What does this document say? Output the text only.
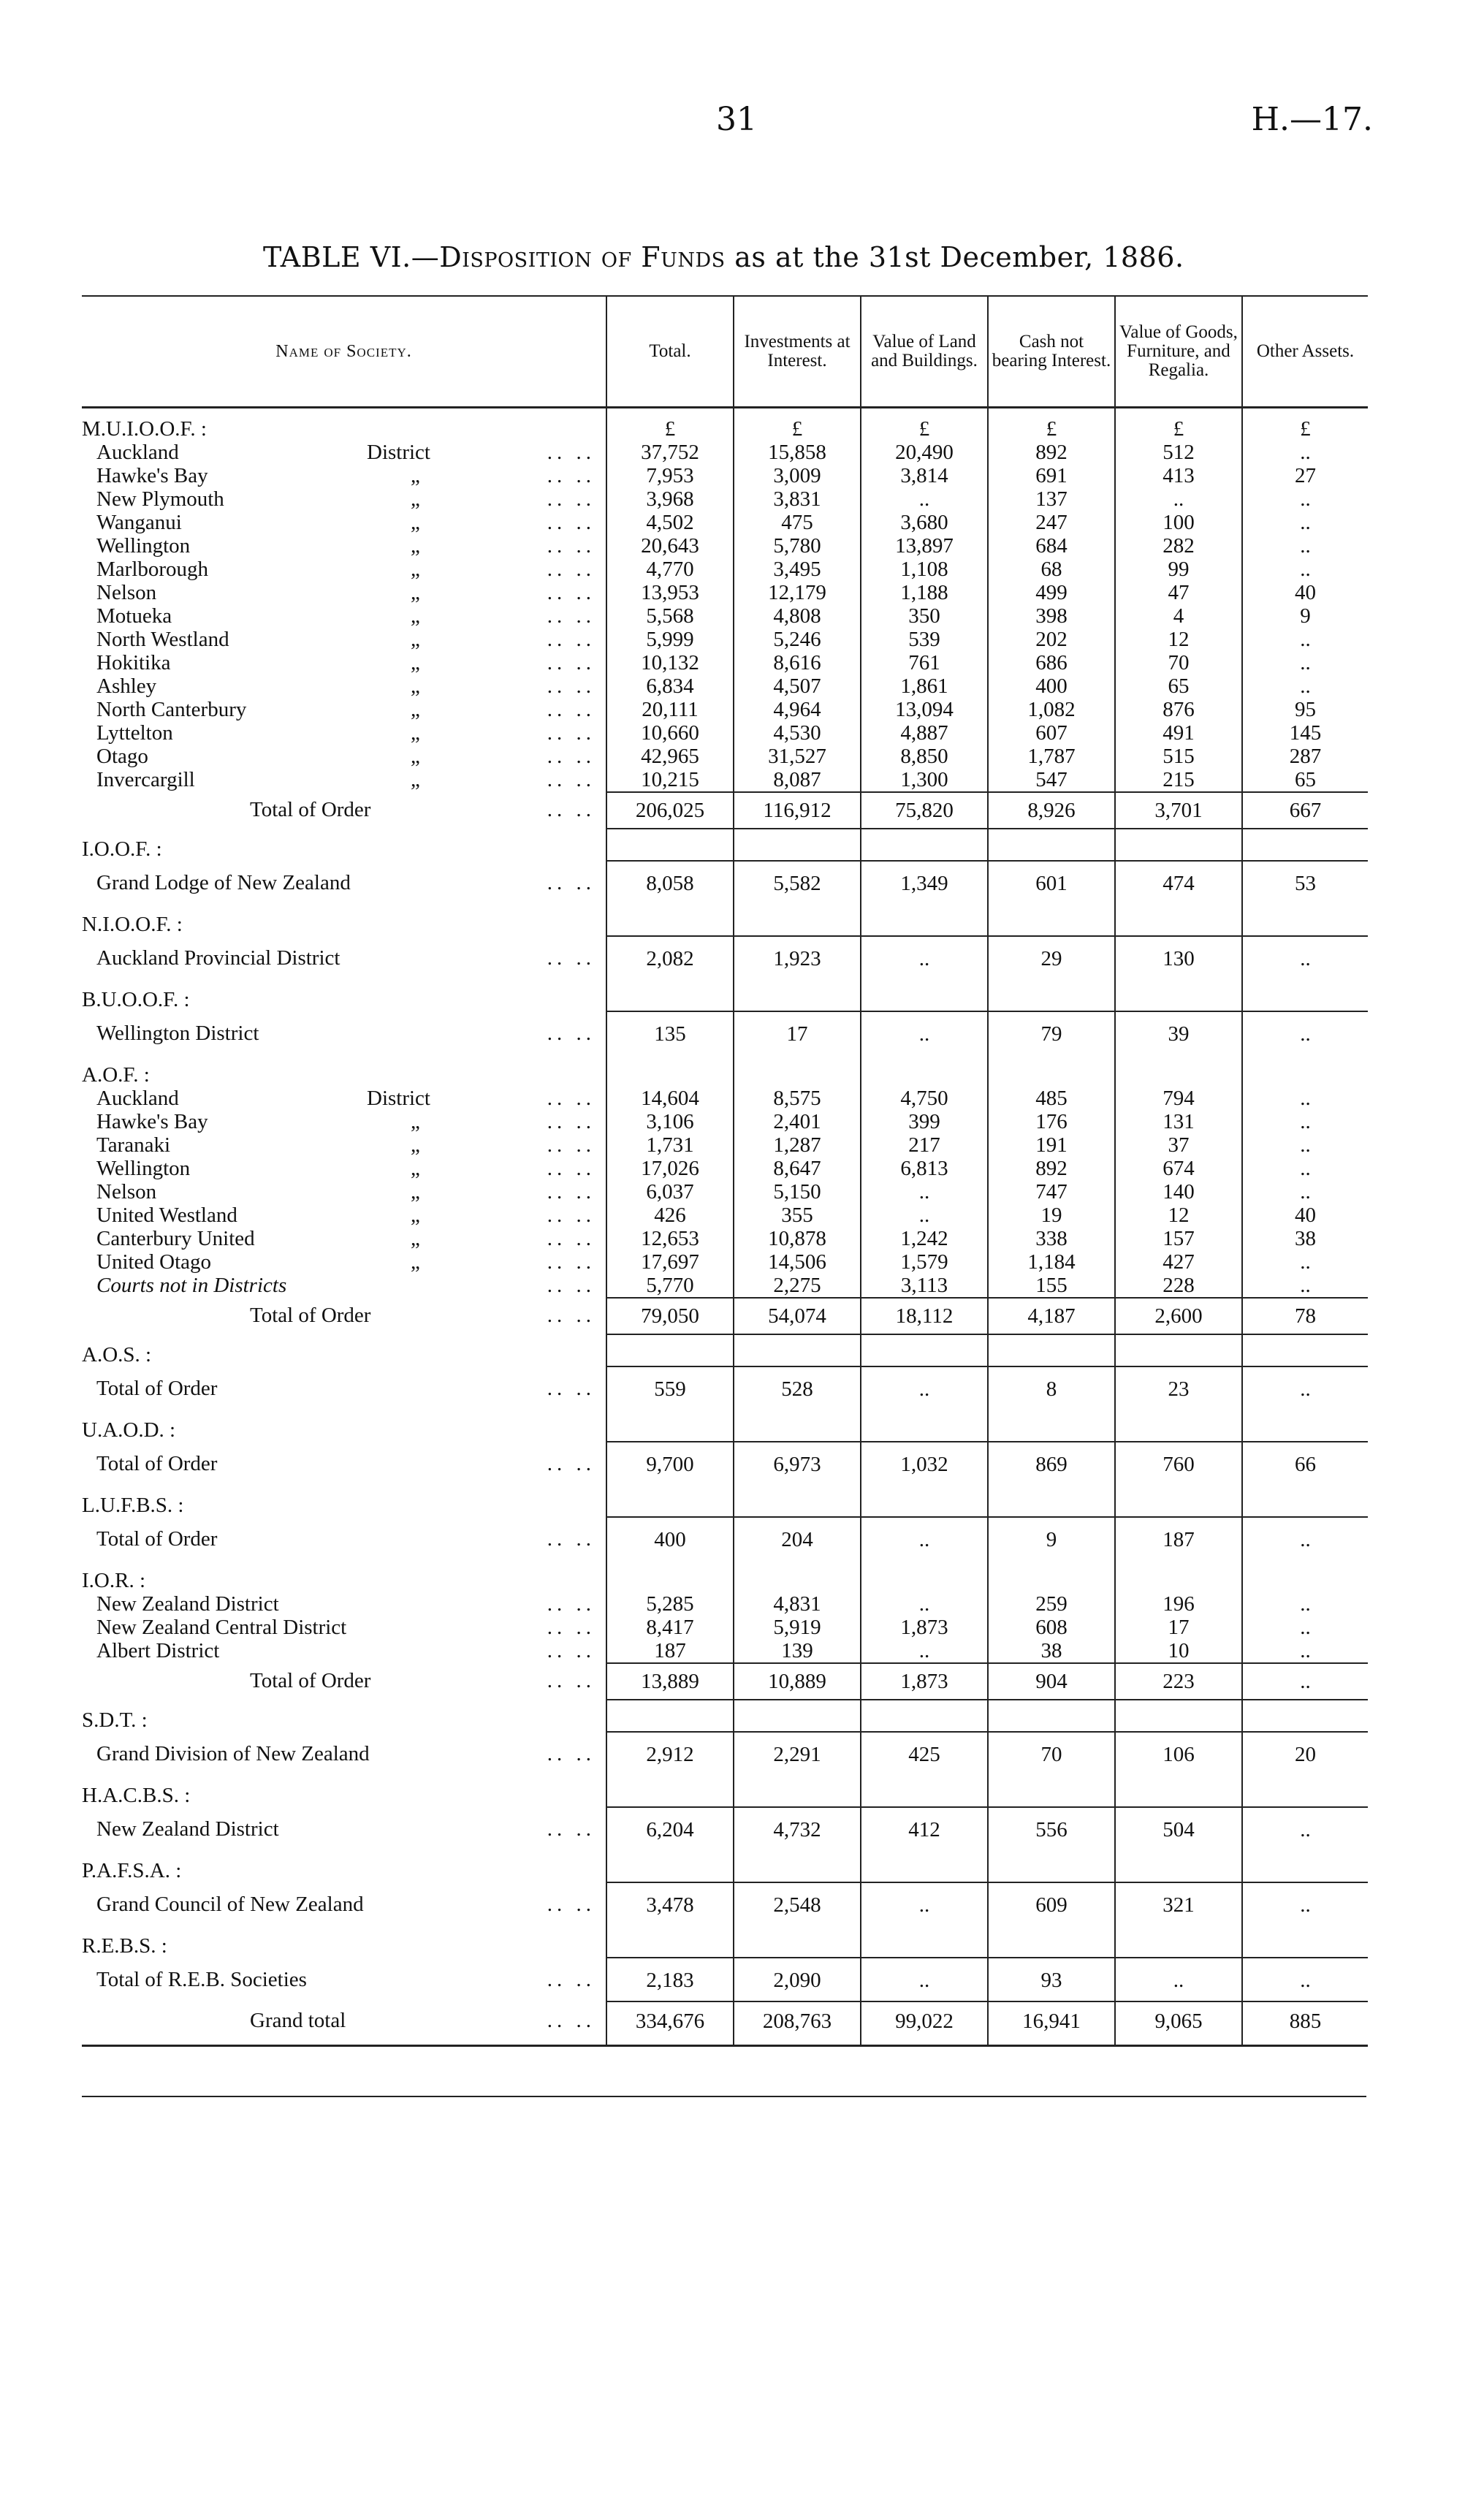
31	H.—17.
TABLE VI.—Disposition of Funds as at the 31st December, 1886.
Name of Society.	Total.	Investments at Interest.	Value of Land and Buildings.	Cash not bearing Interest.	Value of Goods, Furniture, and Regalia.	Other Assets.
M.U.I.O.O.F. :	£	£	£	£	£	£

Auckland District .. ..	37,752	15,858	20,490	892	512	..

Hawke's Bay „ .. ..	7,953	3,009	3,814	691	413	27

New Plymouth „ .. ..	3,968	3,831	..	137	..	..

Wanganui „ .. ..	4,502	475	3,680	247	100	..

Wellington „ .. ..	20,643	5,780	13,897	684	282	..

Marlborough „ .. ..	4,770	3,495	1,108	68	99	..

Nelson „ .. ..	13,953	12,179	1,188	499	47	40

Motueka „ .. ..	5,568	4,808	350	398	4	9

North Westland „ .. ..	5,999	5,246	539	202	12	..

Hokitika „ .. ..	10,132	8,616	761	686	70	..

Ashley „ .. ..	6,834	4,507	1,861	400	65	..

North Canterbury „ .. ..	20,111	4,964	13,094	1,082	876	95

Lyttelton „ .. ..	10,660	4,530	4,887	607	491	145

Otago „ .. ..	42,965	31,527	8,850	1,787	515	287

Invercargill „ .. ..	10,215	8,087	1,300	547	215	65

Total of Order .. ..	206,025	116,912	75,820	8,926	3,701	667
I.O.O.F. :						

Grand Lodge of New Zealand .. ..	8,058	5,582	1,349	601	474	53
N.I.O.O.F. :						

Auckland Provincial District .. ..	2,082	1,923	..	29	130	..
B.U.O.O.F. :						

Wellington District .. ..	135	17	..	79	39	..
A.O.F. :						

Auckland District .. ..	14,604	8,575	4,750	485	794	..

Hawke's Bay „ .. ..	3,106	2,401	399	176	131	..

Taranaki „ .. ..	1,731	1,287	217	191	37	..

Wellington „ .. ..	17,026	8,647	6,813	892	674	..

Nelson „ .. ..	6,037	5,150	..	747	140	..

United Westland „ .. ..	426	355	..	19	12	40

Canterbury United „ .. ..	12,653	10,878	1,242	338	157	38

United Otago „ .. ..	17,697	14,506	1,579	1,184	427	..

Courts not in Districts .. ..	5,770	2,275	3,113	155	228	..

Total of Order .. ..	79,050	54,074	18,112	4,187	2,600	78
A.O.S. :						

Total of Order .. ..	559	528	..	8	23	..
U.A.O.D. :						

Total of Order .. ..	9,700	6,973	1,032	869	760	66
L.U.F.B.S. :						

Total of Order .. ..	400	204	..	9	187	..
I.O.R. :						

New Zealand District .. ..	5,285	4,831	..	259	196	..

New Zealand Central District .. ..	8,417	5,919	1,873	608	17	..

Albert District .. ..	187	139	..	38	10	..

Total of Order .. ..	13,889	10,889	1,873	904	223	..
S.D.T. :						

Grand Division of New Zealand .. ..	2,912	2,291	425	70	106	20
H.A.C.B.S. :						

New Zealand District .. ..	6,204	4,732	412	556	504	..
P.A.F.S.A. :						

Grand Council of New Zealand .. ..	3,478	2,548	..	609	321	..
R.E.B.S. :						

Total of R.E.B. Societies .. ..	2,183	2,090	..	93	..	..

Grand total .. ..	334,676	208,763	99,022	16,941	9,065	885
